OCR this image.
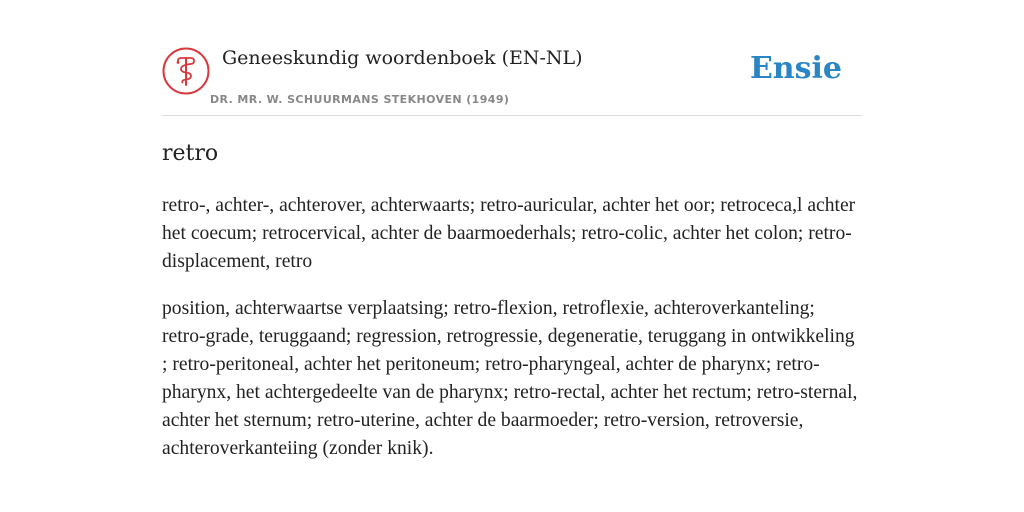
Geneeskundig woordenboek (EN-NL)
DR. MR. W. SCHUURMANS STEKHOVEN (1949)
Ensie
retro

retro-, achter-, achterover, achterwaarts; retro-auricular, achter het oor; retroceca,l achter het coecum; retrocervical, achter de baarmoederhals; retro-colic, achter het colon; retro-displacement, retro

position, achterwaartse verplaatsing; retro-flexion, retroflexie, achteroverkanteling; retro-grade, teruggaand; regression, retrogressie, degeneratie, teruggang in ontwikkeling ; retro-peritoneal, achter het peritoneum; retro-pharyngeal, achter de pharynx; retro-pharynx, het achtergedeelte van de pharynx; retro-rectal, achter het rectum; retro-sternal, achter het sternum; retro-uterine, achter de baarmoeder; retro-version, retroversie, achteroverkanteiing (zonder knik).
